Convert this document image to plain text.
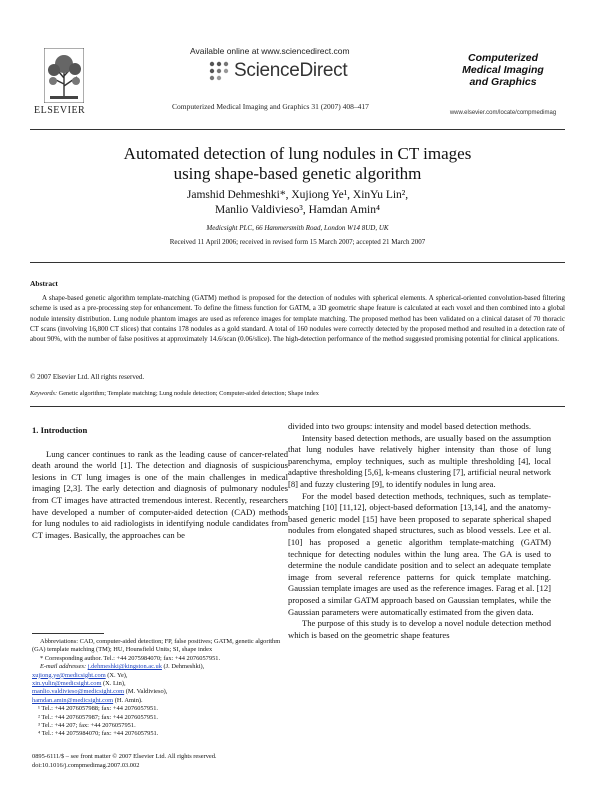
ELSEVIER
Available online at www.sciencedirect.com
ScienceDirect
Computerized Medical Imaging and Graphics 31 (2007) 408–417
Computerized
Medical Imaging
and Graphics
www.elsevier.com/locate/compmedimag
Automated detection of lung nodules in CT images
using shape-based genetic algorithm
Jamshid Dehmeshki*, Xujiong Ye¹, XinYu Lin²,
Manlio Valdivieso³, Hamdan Amin⁴
Medicsight PLC, 66 Hammersmith Road, London W14 8UD, UK
Received 11 April 2006; received in revised form 15 March 2007; accepted 21 March 2007
Abstract
A shape-based genetic algorithm template-matching (GATM) method is proposed for the detection of nodules with spherical elements. A spherical-oriented convolution-based filtering scheme is used as a pre-processing step for enhancement. To define the fitness function for GATM, a 3D geometric shape feature is calculated at each voxel and then combined into a global nodule intensity distribution. Lung nodule phantom images are used as reference images for template matching. The proposed method has been validated on a clinical dataset of 70 thoracic CT scans (involving 16,800 CT slices) that contains 178 nodules as a gold standard. A total of 160 nodules were correctly detected by the proposed method and resulted in a detection rate of about 90%, with the number of false positives at approximately 14.6/scan (0.06/slice). The high-detection performance of the method suggested promising potential for clinical applications.
© 2007 Elsevier Ltd. All rights reserved.
Keywords: Genetic algorithm; Template matching; Lung nodule detection; Computer-aided detection; Shape index
1. Introduction
Lung cancer continues to rank as the leading cause of cancer-related death around the world [1]. The detection and diagnosis of suspicious lesions in CT lung images is one of the main challenges in medical imaging [2,3]. The early detection and diagnosis of pulmonary nodules from CT images have attracted tremendous interest. Recently, researchers have developed a number of computer-aided detection (CAD) methods for lung nodules to aid radiologists in identifying nodule candidates from CT images. Basically, the approaches can be
Abbreviations: CAD, computer-aided detection; FP, false positives; GATM, genetic algorithm (GA) template matching (TM); HU, Hounsfield Units; SI, shape index
* Corresponding author. Tel.: +44 2075984070; fax: +44 2076057951.
E-mail addresses: j.dehmeshki@kingston.ac.uk (J. Dehmeshki),
xujiong.ye@medicsight.com (X. Ye),
xin.yulin@medicsight.com (X. Lin),
manlio.valdivieso@medicsight.com (M. Valdivieso),
hamdan.amin@medicsight.com (H. Amin).
¹ Tel.: +44 2076057988; fax: +44 2076057951.
² Tel.: +44 2076057987; fax: +44 2076057951.
³ Tel.: +44 207; fax: +44 2076057951.
⁴ Tel.: +44 2075984070; fax: +44 2076057951.
0895-6111/$ – see front matter © 2007 Elsevier Ltd. All rights reserved.
doi:10.1016/j.compmedimag.2007.03.002
divided into two groups: intensity and model based detection methods.
Intensity based detection methods, are usually based on the assumption that lung nodules have relatively higher intensity than those of lung parenchyma, employ techniques, such as multiple thresholding [4], local adaptive thresholding [5,6], k-means clustering [7], artificial neural network [8] and fuzzy clustering [9], to identify nodules in lung area.
For the model based detection methods, techniques, such as template-matching [10] [11,12], object-based deformation [13,14], and the anatomy-based generic model [15] have been proposed to separate spherical shaped nodules from elongated shaped structures, such as blood vessels. Lee et al. [10] has proposed a genetic algorithm template-matching (GATM) technique for detecting nodules within the lung area. The GA is used to determine the nodule candidate position and to select an adequate template image from several reference patterns for quick template matching. Gaussian template images are used as the reference images. Farag et al. [12] proposed a similar GATM approach based on Gaussian templates, while the Gaussian parameters were automatically estimated from the given data.
The purpose of this study is to develop a novel nodule detection method which is based on the geometric shape features
